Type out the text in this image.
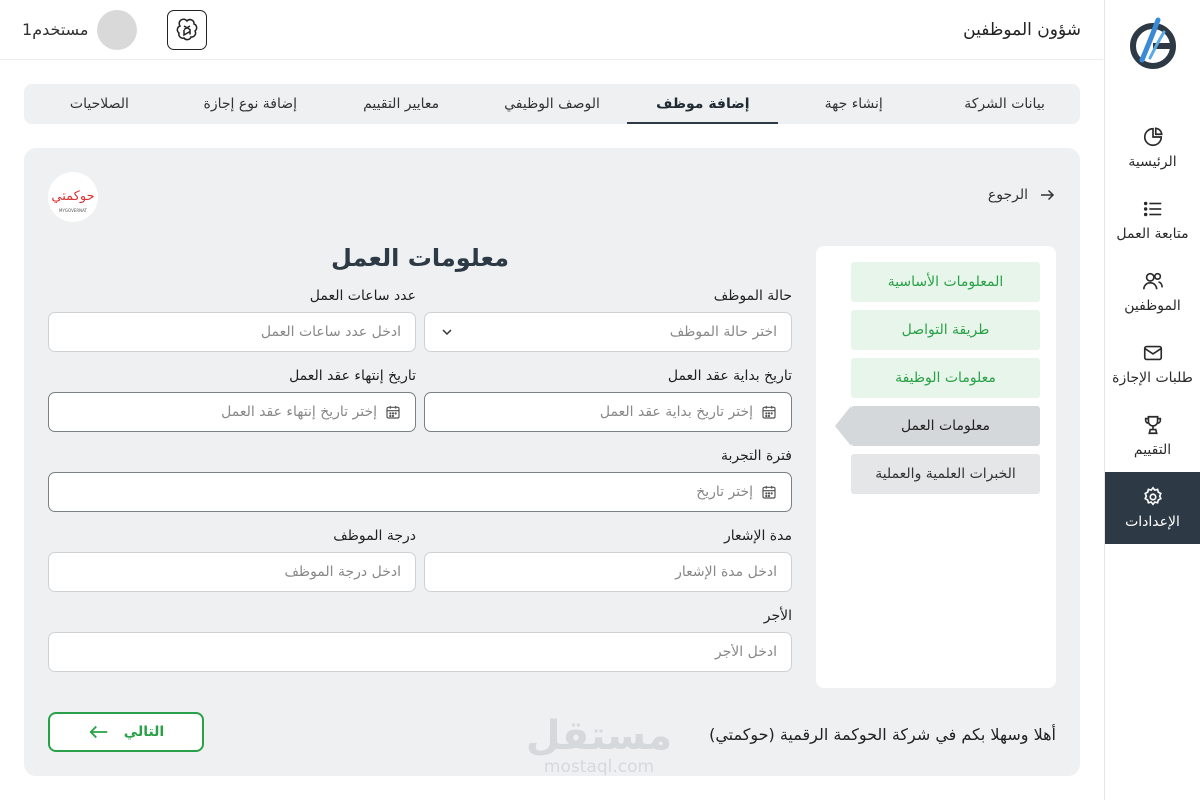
الرئيسية
متابعة العمل
الموظفين
طلبات الإجازة
التقييم
الإعدادات
شؤون الموظفين
مستخدم1
بيانات الشركة
إنشاء جهة
إضافة موظف
الوصف الوظيفي
معايير التقييم
إضافة نوع إجازة
الصلاحيات
الرجوع
حوكمتي
MYGOVERNAT
المعلومات الأساسية
طريقة التواصل
معلومات الوظيفة
معلومات العمل
الخبرات العلمية والعملية
معلومات العمل
حالة الموظف
اختر حالة الموظف
عدد ساعات العمل
ادخل عدد ساعات العمل
تاريخ بداية عقد العمل
إختر تاريخ بداية عقد العمل
تاريخ إنتهاء عقد العمل
إختر تاريخ إنتهاء عقد العمل
فترة التجربة
إختر تاريخ
مدة الإشعار
ادخل مدة الإشعار
درجة الموظف
ادخل درجة الموظف
الأجر
ادخل الأجر
أهلا وسهلا بكم في شركة الحوكمة الرقمية (حوكمتي)
مستقل
mostaql.com
التالي
